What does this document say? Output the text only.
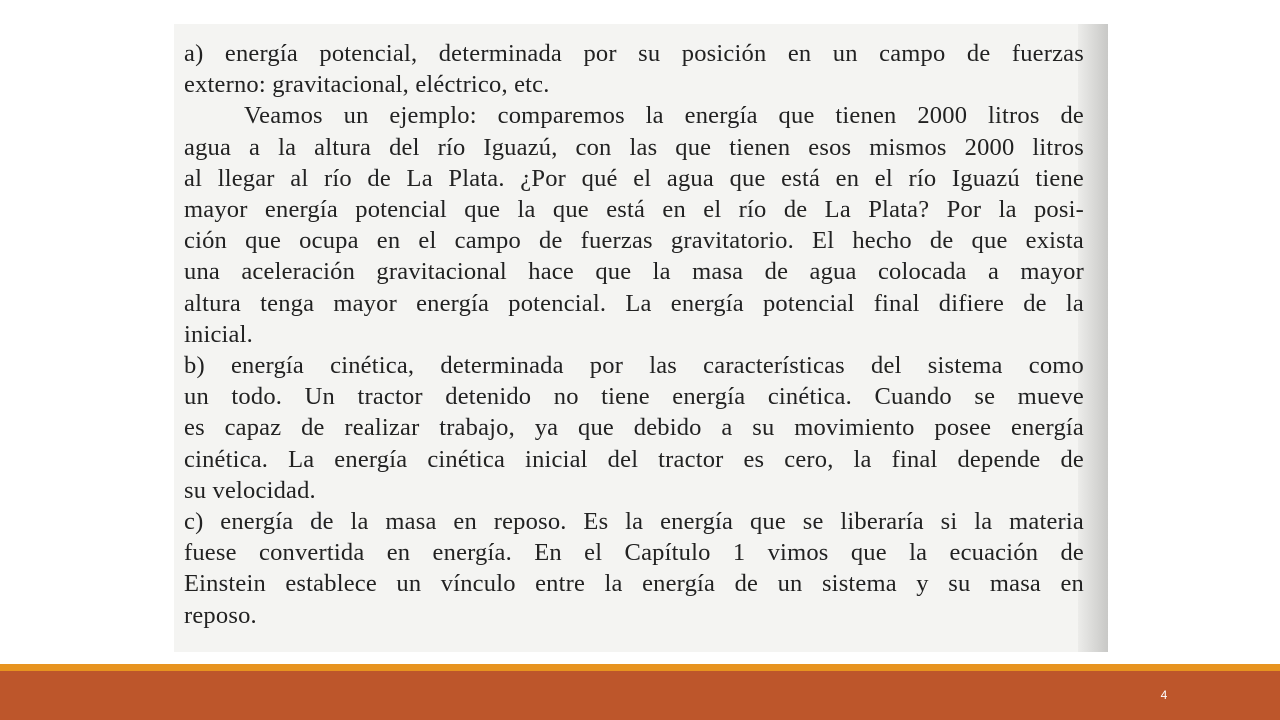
a) energía potencial, determinada por su posición en un campo de fuerzas
externo: gravitacional, eléctrico, etc.
Veamos un ejemplo: comparemos la energía que tienen 2000 litros de
agua a la altura del río Iguazú, con las que tienen esos mismos 2000 litros
al llegar al río de La Plata. ¿Por qué el agua que está en el río Iguazú tiene
mayor energía potencial que la que está en el río de La Plata? Por la posi-
ción que ocupa en el campo de fuerzas gravitatorio. El hecho de que exista
una aceleración gravitacional hace que la masa de agua colocada a mayor
altura tenga mayor energía potencial. La energía potencial final difiere de la
inicial.
b) energía cinética, determinada por las características del sistema como
un todo. Un tractor detenido no tiene energía cinética. Cuando se mueve
es capaz de realizar trabajo, ya que debido a su movimiento posee energía
cinética. La energía cinética inicial del tractor es cero, la final depende de
su velocidad.
c) energía de la masa en reposo. Es la energía que se liberaría si la materia
fuese convertida en energía. En el Capítulo 1 vimos que la ecuación de
Einstein establece un vínculo entre la energía de un sistema y su masa en
reposo.
4
